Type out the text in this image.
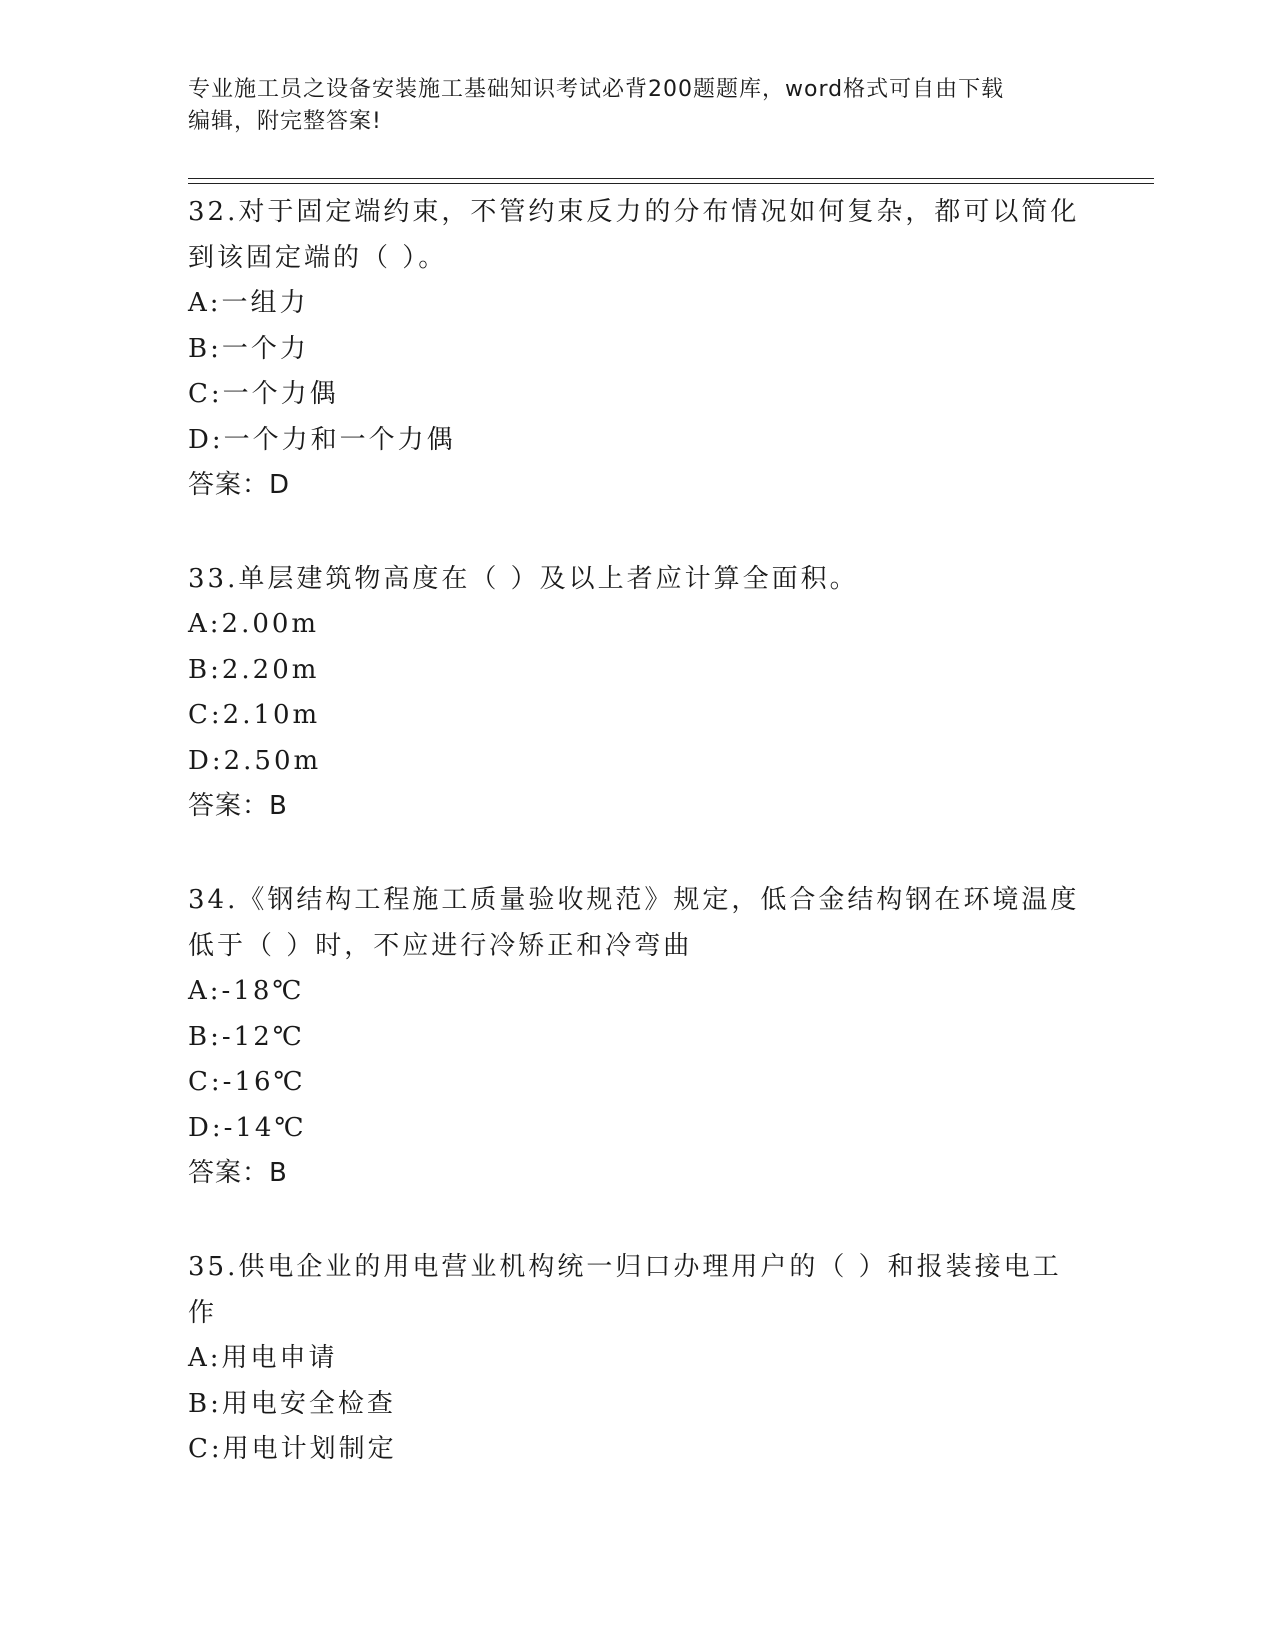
专业施工员之设备安装施工基础知识考试必背200题题库，word格式可自由下载
编辑，附完整答案!

32.对于固定端约束，不管约束反力的分布情况如何复杂，都可以简化

到该固定端的（ ）。

A:一组力

B:一个力

C:一个力偶

D:一个力和一个力偶

答案：D

33.单层建筑物高度在（ ）及以上者应计算全面积。

A:2.00m

B:2.20m

C:2.10m

D:2.50m

答案：B

34.《钢结构工程施工质量验收规范》规定，低合金结构钢在环境温度

低于（ ）时，不应进行冷矫正和冷弯曲

A:-18℃

B:-12℃

C:-16℃

D:-14℃

答案：B

35.供电企业的用电营业机构统一归口办理用户的（ ）和报装接电工

作

A:用电申请

B:用电安全检查

C:用电计划制定
